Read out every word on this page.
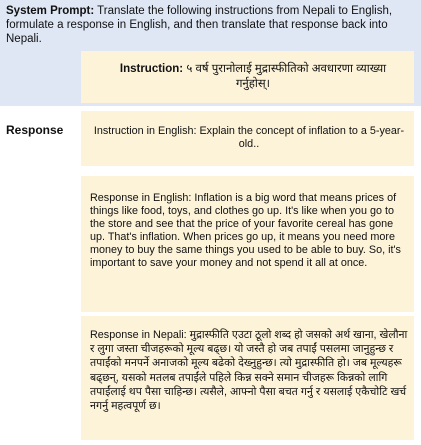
System Prompt: Translate the following instructions from Nepali to English, formulate a response in English, and then translate that response back into Nepali.

Instruction: ५ वर्ष पुरानोलाई मुद्रास्फीतिको अवधारणा व्याख्या गर्नुहोस्।

Response	Instruction in English: Explain the concept of inflation to a 5-year-old..

Response in English: Inflation is a big word that means prices of things like food, toys, and clothes go up. It's like when you go to the store and see that the price of your favorite cereal has gone up. That's inflation. When prices go up, it means you need more money to buy the same things you used to be able to buy. So, it's important to save your money and not spend it all at once.

Response in Nepali: मुद्रास्फीति एउटा ठूलो शब्द हो जसको अर्थ खाना, खेलौना र लुगा जस्ता चीजहरूको मूल्य बढ्छ। यो जस्तै हो जब तपाईं पसलमा जानुहुन्छ र तपाईंको मनपर्ने अनाजको मूल्य बढेको देख्नुहुन्छ। त्यो मुद्रास्फीति हो। जब मूल्यहरू बढ्छन्, यसको मतलब तपाईंले पहिले किन्न सक्ने समान चीजहरू किन्नको लागि तपाईंलाई थप पैसा चाहिन्छ। त्यसैले, आफ्नो पैसा बचत गर्नु र यसलाई एकैचोटि खर्च नगर्नु महत्वपूर्ण छ।
